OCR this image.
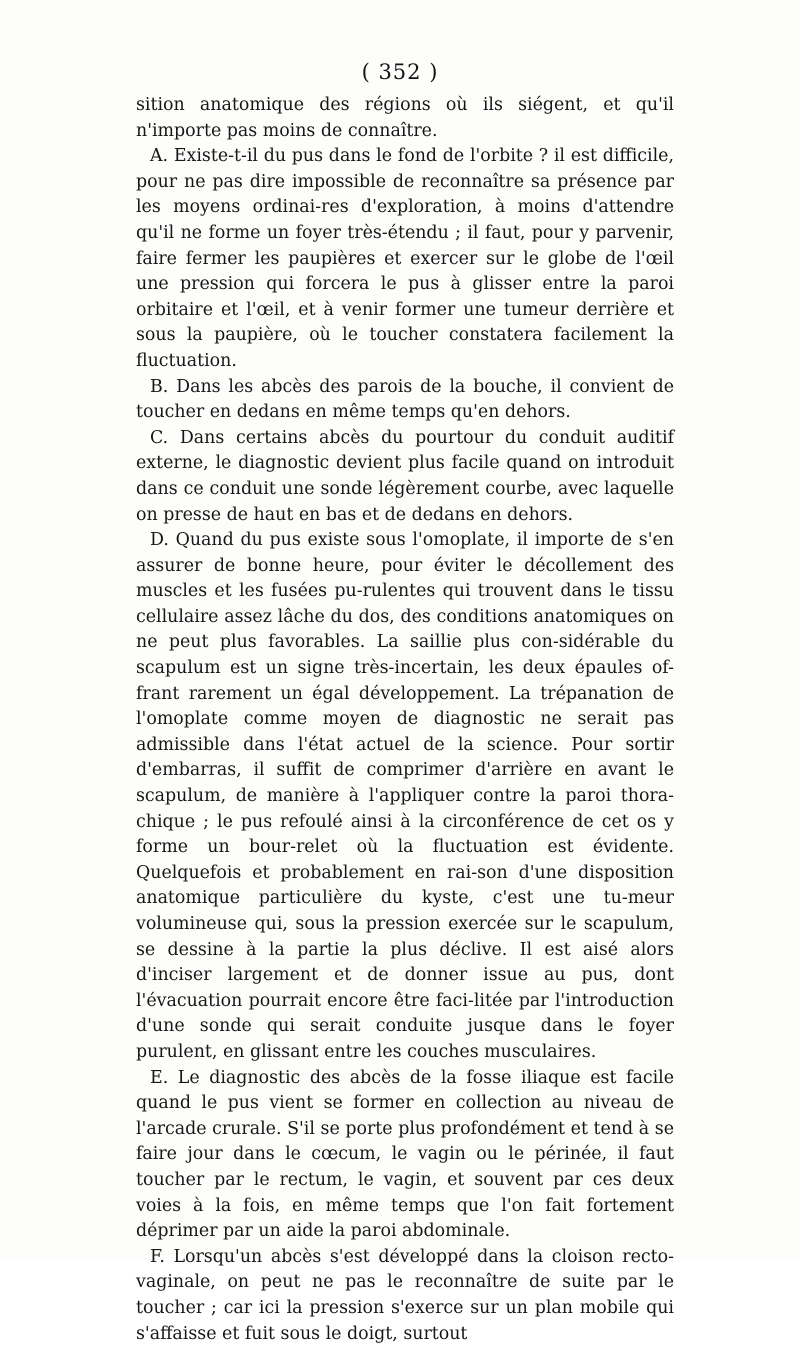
( 352 )

sition anatomique des régions où ils siégent, et qu'il n'importe pas moins de connaître.

A. Existe-t-il du pus dans le fond de l'orbite ? il est difficile, pour ne pas dire impossible de reconnaître sa présence par les moyens ordinai-res d'exploration, à moins d'attendre qu'il ne forme un foyer très-étendu ; il faut, pour y parvenir, faire fermer les paupières et exercer sur le globe de l'œil une pression qui forcera le pus à glisser entre la paroi orbitaire et l'œil, et à venir former une tumeur derrière et sous la paupière, où le toucher constatera facilement la fluctuation.

B. Dans les abcès des parois de la bouche, il convient de toucher en dedans en même temps qu'en dehors.

C. Dans certains abcès du pourtour du conduit auditif externe, le diagnostic devient plus facile quand on introduit dans ce conduit une sonde légèrement courbe, avec laquelle on presse de haut en bas et de dedans en dehors.

D. Quand du pus existe sous l'omoplate, il importe de s'en assurer de bonne heure, pour éviter le décollement des muscles et les fusées pu-rulentes qui trouvent dans le tissu cellulaire assez lâche du dos, des conditions anatomiques on ne peut plus favorables. La saillie plus con-sidérable du scapulum est un signe très-incertain, les deux épaules of-frant rarement un égal développement. La trépanation de l'omoplate comme moyen de diagnostic ne serait pas admissible dans l'état actuel de la science. Pour sortir d'embarras, il suffit de comprimer d'arrière en avant le scapulum, de manière à l'appliquer contre la paroi thora-chique ; le pus refoulé ainsi à la circonférence de cet os y forme un bour-relet où la fluctuation est évidente. Quelquefois et probablement en rai-son d'une disposition anatomique particulière du kyste, c'est une tu-meur volumineuse qui, sous la pression exercée sur le scapulum, se dessine à la partie la plus déclive. Il est aisé alors d'inciser largement et de donner issue au pus, dont l'évacuation pourrait encore être faci-litée par l'introduction d'une sonde qui serait conduite jusque dans le foyer purulent, en glissant entre les couches musculaires.

E. Le diagnostic des abcès de la fosse iliaque est facile quand le pus vient se former en collection au niveau de l'arcade crurale. S'il se porte plus profondément et tend à se faire jour dans le cœcum, le vagin ou le périnée, il faut toucher par le rectum, le vagin, et souvent par ces deux voies à la fois, en même temps que l'on fait fortement déprimer par un aide la paroi abdominale.

F. Lorsqu'un abcès s'est développé dans la cloison recto-vaginale, on peut ne pas le reconnaître de suite par le toucher ; car ici la pression s'exerce sur un plan mobile qui s'affaisse et fuit sous le doigt, surtout
